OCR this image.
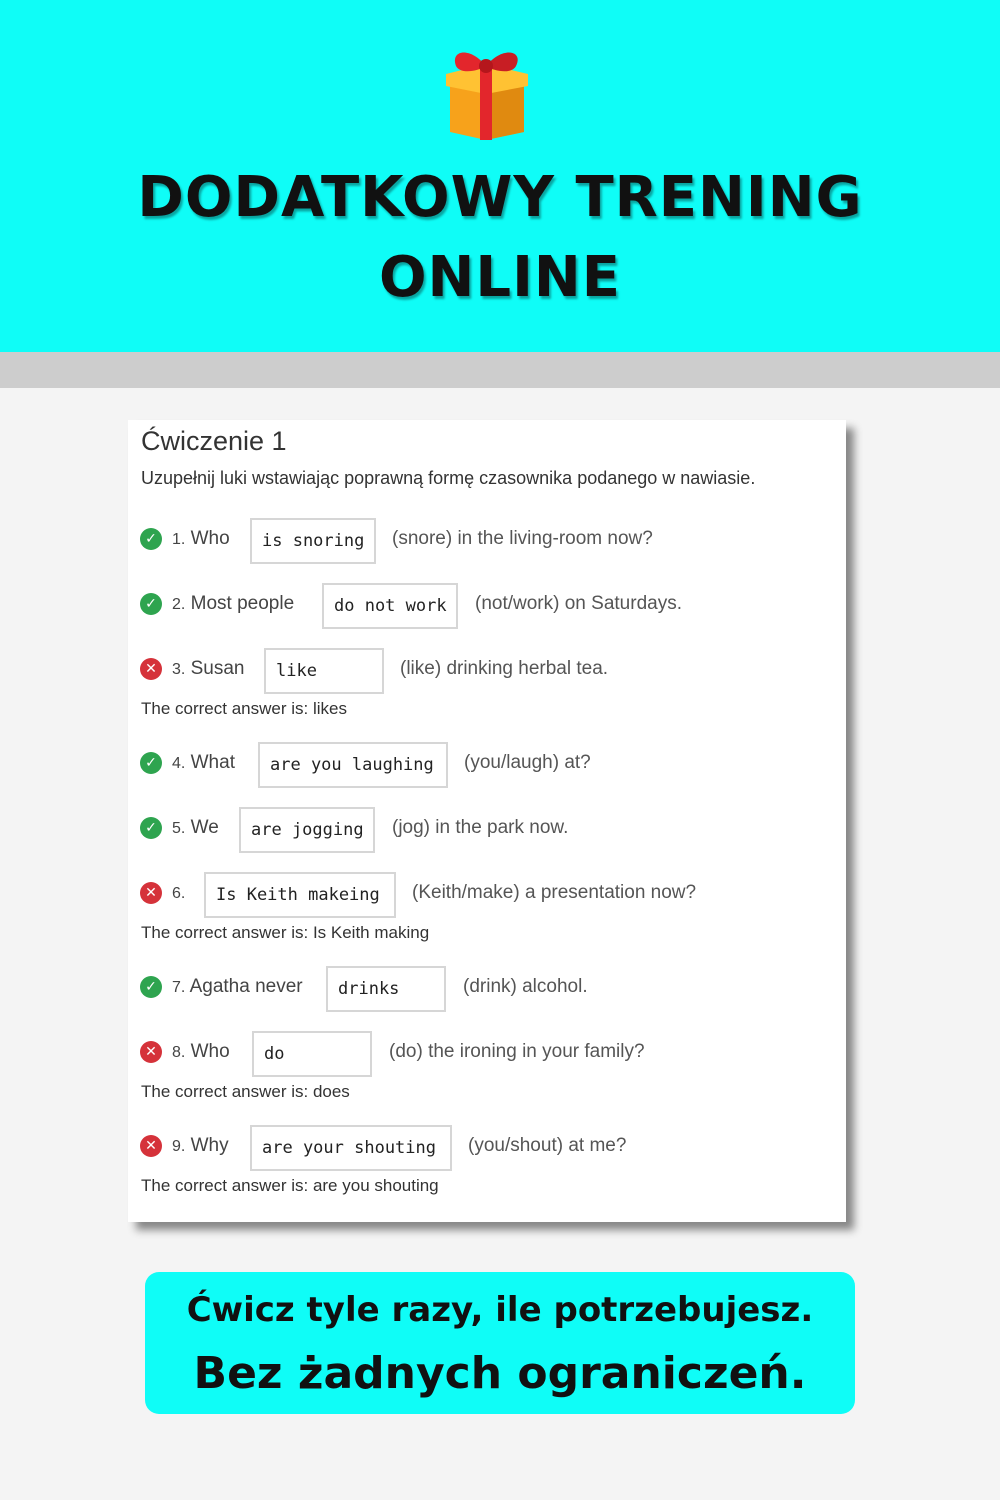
DODATKOWY TRENING
ONLINE
Ćwiczenie 1
Uzupełnij luki wstawiając poprawną formę czasownika podanego w nawiasie.
✓ 1. Who	is snoring	(snore) in the living-room now?
✓ 2. Most people	do not work	(not/work) on Saturdays.
✕ 3. Susan	like	(like) drinking herbal tea.
The correct answer is: likes
✓ 4. What	are you laughing	(you/laugh) at?
✓ 5. We	are jogging	(jog) in the park now.
✕ 6.	Is Keith makeing	(Keith/make) a presentation now?
The correct answer is: Is Keith making
✓ 7. Agatha never	drinks	(drink) alcohol.
✕ 8. Who	do	(do) the ironing in your family?
The correct answer is: does
✕ 9. Why	are your shouting	(you/shout) at me?
The correct answer is: are you shouting
Ćwicz tyle razy, ile potrzebujesz.
Bez żadnych ograniczeń.
